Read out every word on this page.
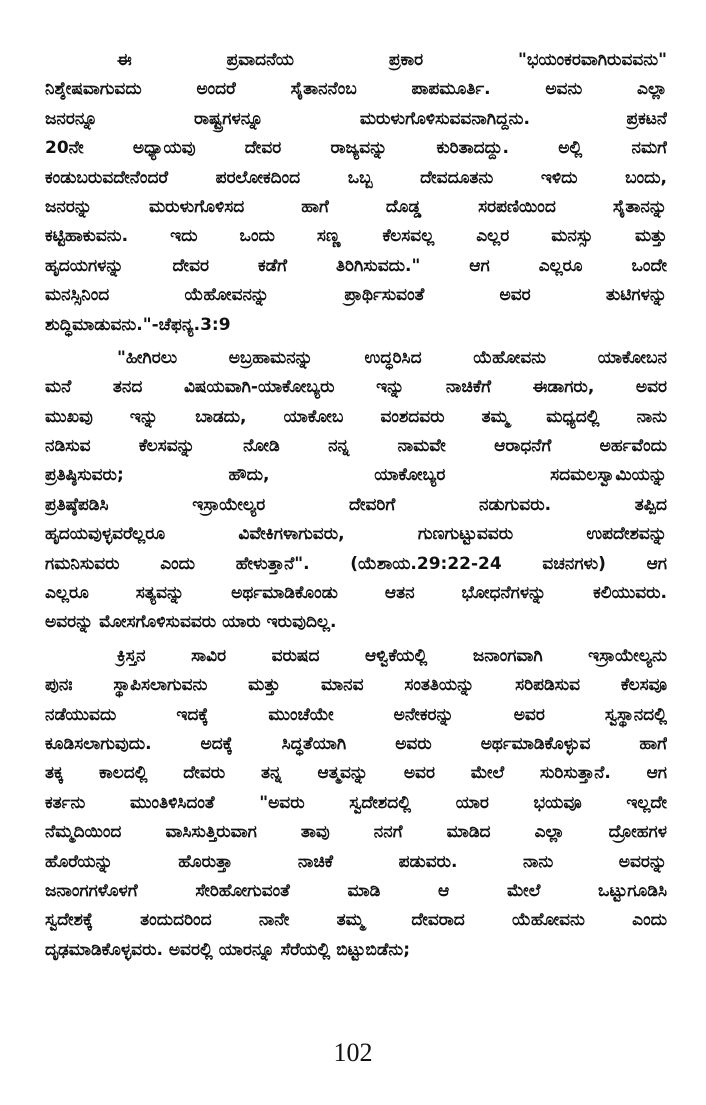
ಈ ಪ್ರವಾದನೆಯ ಪ್ರಕಾರ "ಭಯಂಕರವಾಗಿರುವವನು"
ನಿಶ್ಶೇಷವಾಗುವದು ಅಂದರೆ ಸೈತಾನನೆಂಬ ಪಾಪಮೂರ್ತಿ. ಅವನು ಎಲ್ಲಾ
ಜನರನ್ನೂ ರಾಷ್ಟ್ರಗಳನ್ನೂ ಮರುಳುಗೊಳಿಸುವವನಾಗಿದ್ದನು. ಪ್ರಕಟನೆ
20ನೇ ಅಧ್ಯಾಯವು ದೇವರ ರಾಜ್ಯವನ್ನು ಕುರಿತಾದದ್ದು. ಅಲ್ಲಿ ನಮಗೆ
ಕಂಡುಬರುವದೇನೆಂದರೆ ಪರಲೋಕದಿಂದ ಒಬ್ಬ ದೇವದೂತನು ಇಳಿದು ಬಂದು,
ಜನರನ್ನು ಮರುಳುಗೊಳಿಸದ ಹಾಗೆ ದೊಡ್ಡ ಸರಪಣಿಯಿಂದ ಸೈತಾನನ್ನು
ಕಟ್ಟಿಹಾಕುವನು. ಇದು ಒಂದು ಸಣ್ಣ ಕೆಲಸವಲ್ಲ ಎಲ್ಲರ ಮನಸ್ಸು ಮತ್ತು
ಹೃದಯಗಳನ್ನು ದೇವರ ಕಡೆಗೆ ತಿರಿಗಿಸುವದು." ಆಗ ಎಲ್ಲರೂ ಒಂದೇ
ಮನಸ್ಸಿನಿಂದ ಯೆಹೋವನನ್ನು ಪ್ರಾರ್ಥಿಸುವಂತೆ ಅವರ ತುಟಿಗಳನ್ನು
ಶುದ್ಧಿಮಾಡುವನು."-ಚೆಫನ್ಯ.3:9

"ಹೀಗಿರಲು ಅಬ್ರಹಾಮನನ್ನು ಉದ್ಧರಿಸಿದ ಯೆಹೋವನು ಯಾಕೋಬನ
ಮನೆ ತನದ ವಿಷಯವಾಗಿ-ಯಾಕೋಬ್ಯರು ಇನ್ನು ನಾಚಿಕೆಗೆ ಈಡಾಗರು, ಅವರ
ಮುಖವು ಇನ್ನು ಬಾಡದು, ಯಾಕೋಬ ವಂಶದವರು ತಮ್ಮ ಮಧ್ಯದಲ್ಲಿ ನಾನು
ನಡಿಸುವ ಕೆಲಸವನ್ನು ನೋಡಿ ನನ್ನ ನಾಮವೇ ಆರಾಧನೆಗೆ ಅರ್ಹವೆಂದು
ಪ್ರತಿಷ್ಠಿಸುವರು; ಹೌದು, ಯಾಕೋಬ್ಯರ ಸದಮಲಸ್ವಾಮಿಯನ್ನು
ಪ್ರತಿಷ್ಠೆಪಡಿಸಿ ಇಸ್ರಾಯೇಲ್ಯರ ದೇವರಿಗೆ ನಡುಗುವರು. ತಪ್ಪಿದ
ಹೃದಯವುಳ್ಳವರೆಲ್ಲರೂ ವಿವೇಕಿಗಳಾಗುವರು, ಗುಣಗುಟ್ಟುವವರು ಉಪದೇಶವನ್ನು
ಗಮನಿಸುವರು ಎಂದು ಹೇಳುತ್ತಾನೆ". (ಯೆಶಾಯ.29:22-24 ವಚನಗಳು) ಆಗ
ಎಲ್ಲರೂ ಸತ್ಯವನ್ನು ಅರ್ಥಮಾಡಿಕೊಂಡು ಆತನ ಭೋಧನೆಗಳನ್ನು ಕಲಿಯುವರು.
ಅವರನ್ನು ಮೋಸಗೊಳಿಸುವವರು ಯಾರು ಇರುವುದಿಲ್ಲ.

ಕ್ರಿಸ್ತನ ಸಾವಿರ ವರುಷದ ಆಳ್ವಿಕೆಯಲ್ಲಿ ಜನಾಂಗವಾಗಿ ಇಸ್ರಾಯೇಲ್ಯನು
ಪುನಃ ಸ್ಥಾಪಿಸಲಾಗುವನು ಮತ್ತು ಮಾನವ ಸಂತತಿಯನ್ನು ಸರಿಪಡಿಸುವ ಕೆಲಸವೂ
ನಡೆಯುವದು ಇದಕ್ಕೆ ಮುಂಚೆಯೇ ಅನೇಕರನ್ನು ಅವರ ಸ್ವಸ್ಥಾನದಲ್ಲಿ
ಕೂಡಿಸಲಾಗುವುದು. ಅದಕ್ಕೆ ಸಿದ್ಧತೆಯಾಗಿ ಅವರು ಅರ್ಥಮಾಡಿಕೊಳ್ಳುವ ಹಾಗೆ
ತಕ್ಕ ಕಾಲದಲ್ಲಿ ದೇವರು ತನ್ನ ಆತ್ಮವನ್ನು ಅವರ ಮೇಲೆ ಸುರಿಸುತ್ತಾನೆ. ಆಗ
ಕರ್ತನು ಮುಂತಿಳಿಸಿದಂತೆ "ಅವರು ಸ್ವದೇಶದಲ್ಲಿ ಯಾರ ಭಯವೂ ಇಲ್ಲದೇ
ನೆಮ್ಮದಿಯಿಂದ ವಾಸಿಸುತ್ತಿರುವಾಗ ತಾವು ನನಗೆ ಮಾಡಿದ ಎಲ್ಲಾ ದ್ರೋಹಗಳ
ಹೊರೆಯನ್ನು ಹೊರುತ್ತಾ ನಾಚಿಕೆ ಪಡುವರು. ನಾನು ಅವರನ್ನು
ಜನಾಂಗಗಳೊಳಗೆ ಸೇರಿಹೋಗುವಂತೆ ಮಾಡಿ ಆ ಮೇಲೆ ಒಟ್ಟುಗೂಡಿಸಿ
ಸ್ವದೇಶಕ್ಕೆ ತಂದುದರಿಂದ ನಾನೇ ತಮ್ಮ ದೇವರಾದ ಯೆಹೋವನು ಎಂದು
ದೃಢಮಾಡಿಕೊಳ್ಳವರು. ಅವರಲ್ಲಿ ಯಾರನ್ನೂ ಸೆರೆಯಲ್ಲಿ ಬಿಟ್ಟುಬಿಡೆನು;

102
